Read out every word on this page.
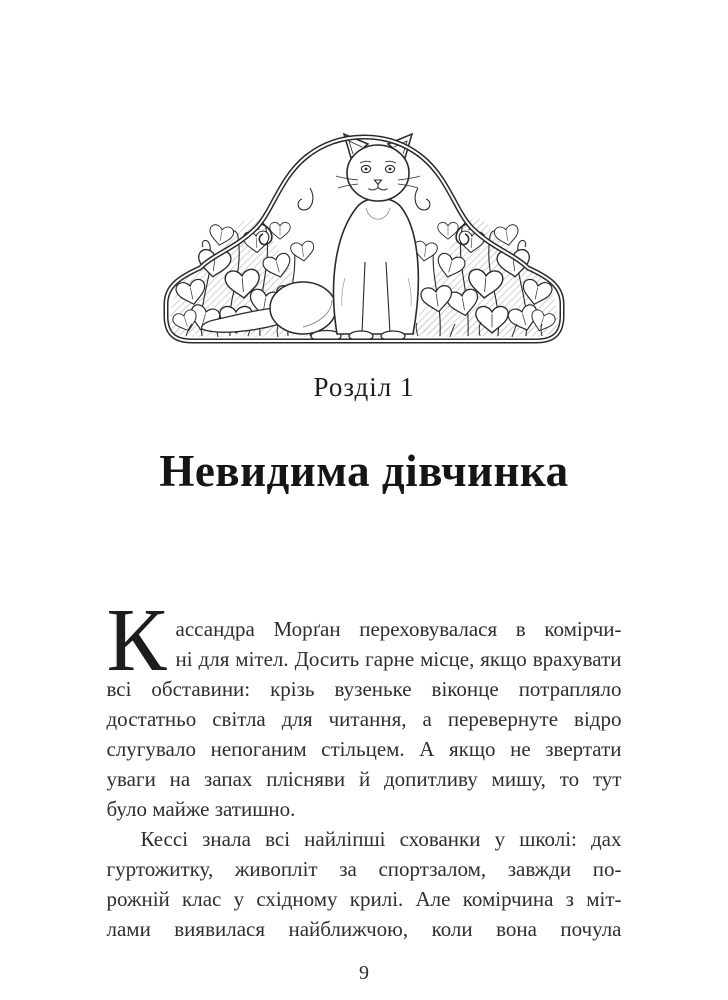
Розділ 1
Невидима дівчинка
К ассандра Морґан переховувалася в комірчи-
ні для мітел. Досить гарне місце, якщо врахувати
всі обставини: крізь вузеньке віконце потрапляло
достатньо світла для читання, а перевернуте відро
слугувало непоганим стільцем. А якщо не звертати
уваги на запах плісняви й допитливу мишу, то тут
було майже затишно.
Кессі знала всі найліпші схованки у школі: дах
гуртожитку, живопліт за спортзалом, завжди по-
рожній клас у східному крилі. Але комірчина з міт-
лами виявилася найближчою, коли вона почула
9
